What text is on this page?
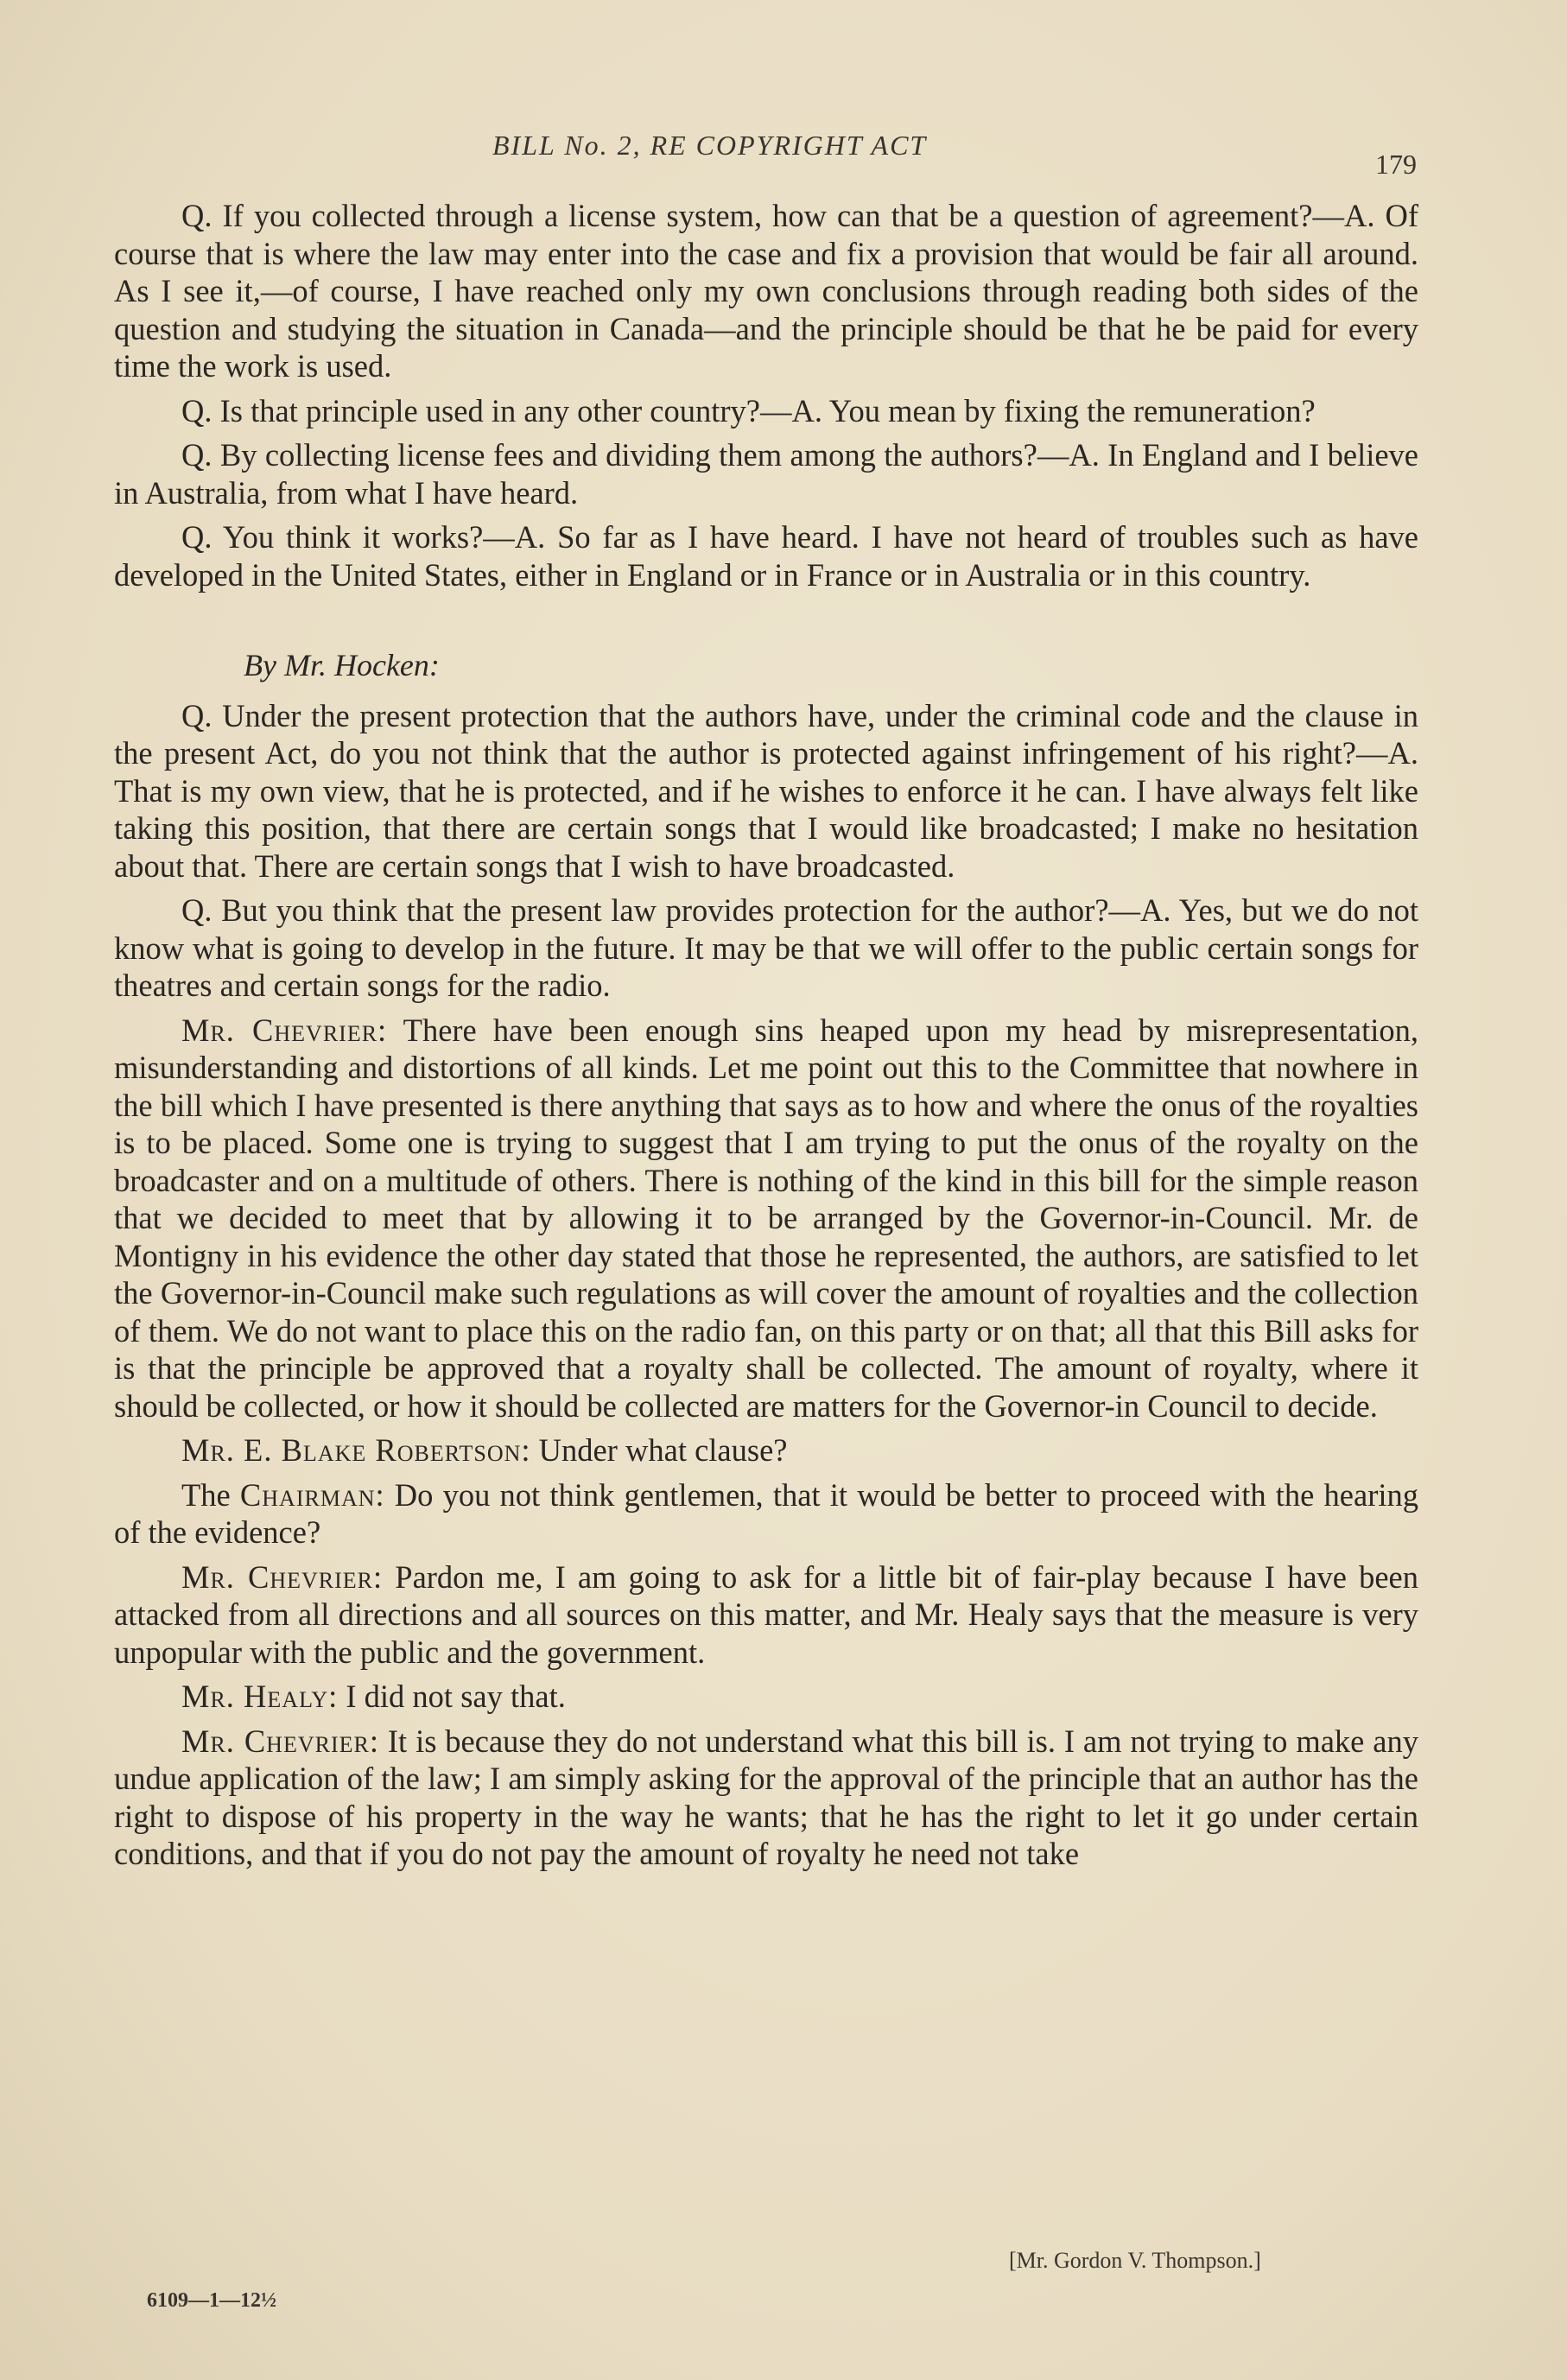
BILL No. 2, RE COPYRIGHT ACT
179

Q. If you collected through a license system, how can that be a question of agreement?—A. Of course that is where the law may enter into the case and fix a provision that would be fair all around. As I see it,—of course, I have reached only my own conclusions through reading both sides of the question and studying the situation in Canada—and the principle should be that he be paid for every time the work is used.

Q. Is that principle used in any other country?—A. You mean by fixing the remuneration?

Q. By collecting license fees and dividing them among the authors?—A. In England and I believe in Australia, from what I have heard.

Q. You think it works?—A. So far as I have heard. I have not heard of troubles such as have developed in the United States, either in England or in France or in Australia or in this country.

By Mr. Hocken:

Q. Under the present protection that the authors have, under the criminal code and the clause in the present Act, do you not think that the author is protected against infringement of his right?—A. That is my own view, that he is protected, and if he wishes to enforce it he can. I have always felt like taking this position, that there are certain songs that I would like broadcasted; I make no hesitation about that. There are certain songs that I wish to have broadcasted.

Q. But you think that the present law provides protection for the author?—A. Yes, but we do not know what is going to develop in the future. It may be that we will offer to the public certain songs for theatres and certain songs for the radio.

Mr. Chevrier: There have been enough sins heaped upon my head by misrepresentation, misunderstanding and distortions of all kinds. Let me point out this to the Committee that nowhere in the bill which I have presented is there anything that says as to how and where the onus of the royalties is to be placed. Some one is trying to suggest that I am trying to put the onus of the royalty on the broadcaster and on a multitude of others. There is nothing of the kind in this bill for the simple reason that we decided to meet that by allowing it to be arranged by the Governor-in-Council. Mr. de Montigny in his evidence the other day stated that those he represented, the authors, are satisfied to let the Governor-in-Council make such regulations as will cover the amount of royalties and the collection of them. We do not want to place this on the radio fan, on this party or on that; all that this Bill asks for is that the principle be approved that a royalty shall be collected. The amount of royalty, where it should be collected, or how it should be collected are matters for the Governor-in Council to decide.

Mr. E. Blake Robertson: Under what clause?

The Chairman: Do you not think gentlemen, that it would be better to proceed with the hearing of the evidence?

Mr. Chevrier: Pardon me, I am going to ask for a little bit of fair-play because I have been attacked from all directions and all sources on this matter, and Mr. Healy says that the measure is very unpopular with the public and the government.

Mr. Healy: I did not say that.

Mr. Chevrier: It is because they do not understand what this bill is. I am not trying to make any undue application of the law; I am simply asking for the approval of the principle that an author has the right to dispose of his property in the way he wants; that he has the right to let it go under certain conditions, and that if you do not pay the amount of royalty he need not take

[Mr. Gordon V. Thompson.]
6109—1—12½
